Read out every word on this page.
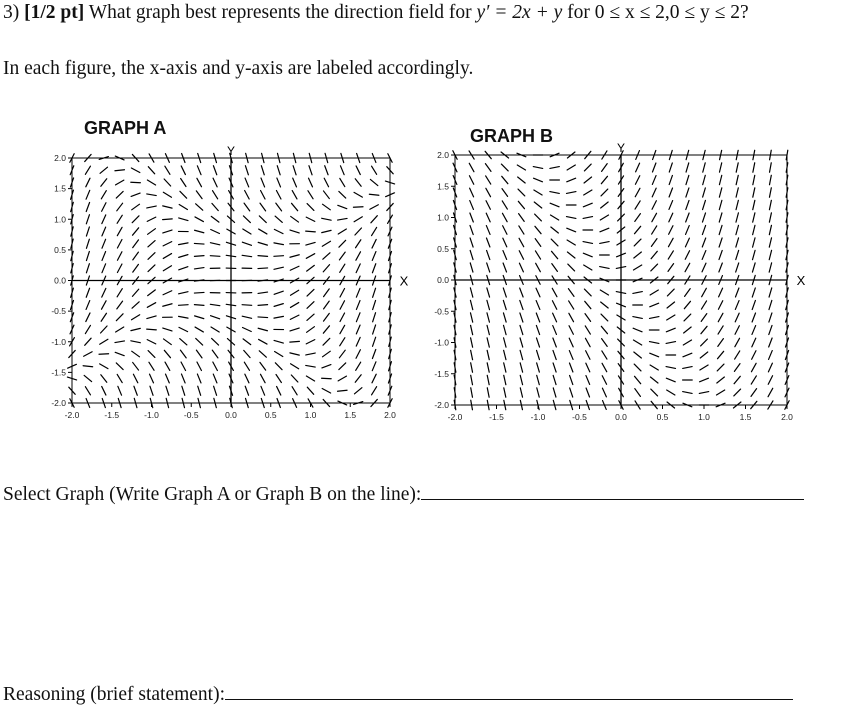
3) [1/2 pt] What graph best represents the direction field for y′ = 2x + y for 0 ≤ x ≤ 2,0 ≤ y ≤ 2?
In each figure, the x-axis and y-axis are labeled accordingly.
GRAPH A
-2.0
-2.0
-1.5
-1.5
-1.0
-1.0
-0.5
-0.5
0.0
0.0
0.5
0.5
1.0
1.0
1.5
1.5
2.0
2.0
X
Y
GRAPH B
-2.0
-2.0
-1.5
-1.5
-1.0
-1.0
-0.5
-0.5
0.0
0.0
0.5
0.5
1.0
1.0
1.5
1.5
2.0
2.0
X
Y
Select Graph (Write Graph A or Graph B on the line):
Reasoning (brief statement):
